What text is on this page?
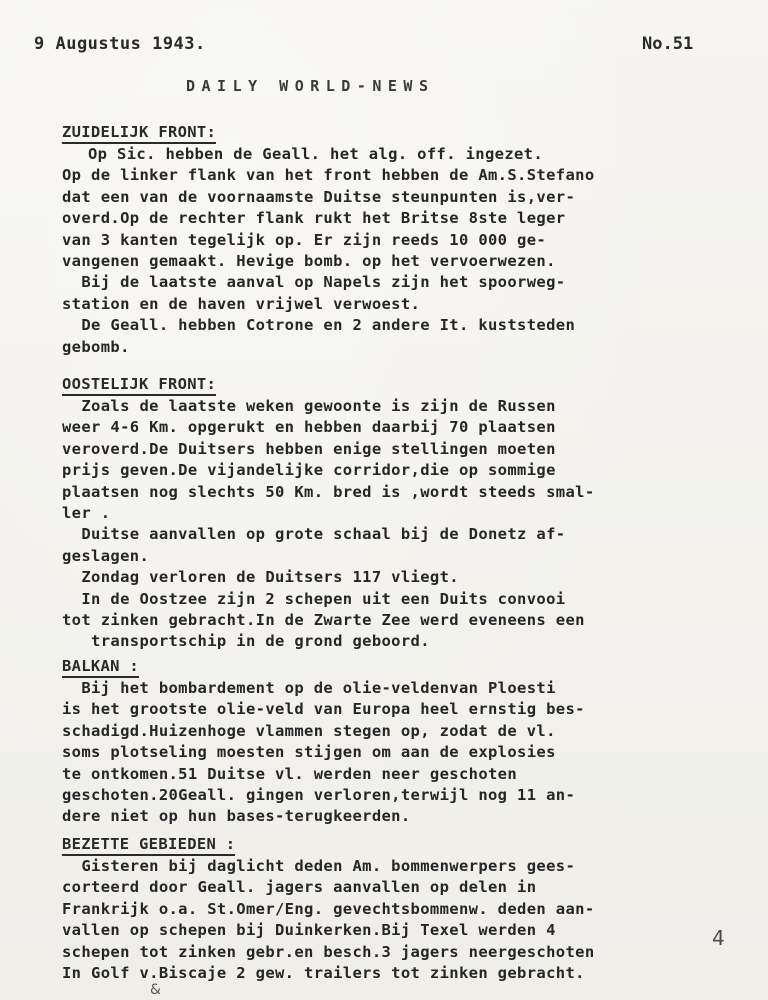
9 Augustus 1943.	No.51
DAILY WORLD-NEWS
ZUIDELIJK FRONT:
Op Sic. hebben de Geall. het alg. off. ingezet.
Op de linker flank van het front hebben de Am.S.Stefano
dat een van de voornaamste Duitse steunpunten is,ver-
overd.Op de rechter flank rukt het Britse 8ste leger
van 3 kanten tegelijk op. Er zijn reeds 10 000 ge-
vangenen gemaakt. Hevige bomb. op het vervoerwezen.
Bij de laatste aanval op Napels zijn het spoorweg-
station en de haven vrijwel verwoest.
De Geall. hebben Cotrone en 2 andere It. kuststeden
gebomb.
OOSTELIJK FRONT:
Zoals de laatste weken gewoonte is zijn de Russen
weer 4-6 Km. opgerukt en hebben daarbij 70 plaatsen
veroverd.De Duitsers hebben enige stellingen moeten
prijs geven.De vijandelijke corridor,die op sommige
plaatsen nog slechts 50 Km. bred is ,wordt steeds smal-
ler .
Duitse aanvallen op grote schaal bij de Donetz af-
geslagen.
Zondag verloren de Duitsers 117 vliegt.
In de Oostzee zijn 2 schepen uit een Duits convooi
tot zinken gebracht.In de Zwarte Zee werd eveneens een
transportschip in de grond geboord.
BALKAN :
Bij het bombardement op de olie-veldenvan Ploesti
is het grootste olie-veld van Europa heel ernstig bes-
schadigd.Huizenhoge vlammen stegen op, zodat de vl.
soms plotseling moesten stijgen om aan de explosies
te ontkomen.51 Duitse vl. werden neer geschoten
geschoten.20Geall. gingen verloren,terwijl nog 11 an-
dere niet op hun bases-terugkeerden.
BEZETTE GEBIEDEN :
Gisteren bij daglicht deden Am. bommenwerpers gees-
corteerd door Geall. jagers aanvallen op delen in
Frankrijk o.a. St.Omer/Eng. gevechtsbommenw. deden aan-
vallen op schepen bij Duinkerken.Bij Texel werden 4
schepen tot zinken gebr.en besch.3 jagers neergeschoten
In Golf v.Biscaje 2 gew. trailers tot zinken gebracht.
4
&
